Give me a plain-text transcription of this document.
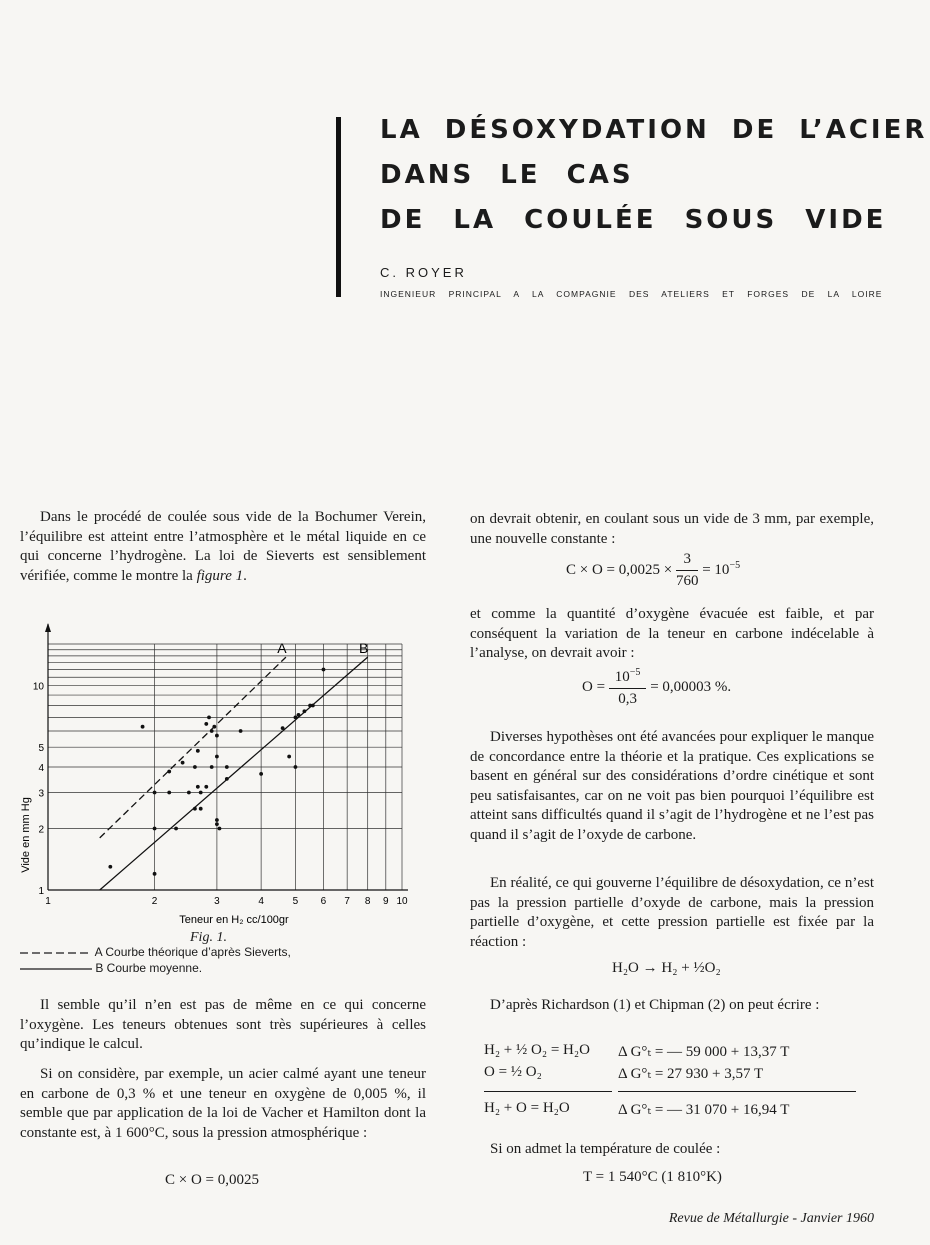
LA DÉSOXYDATION DE L’ACIER
DANS LE CAS
DE LA COULÉE SOUS VIDE
C. ROYER
INGENIEUR PRINCIPAL A LA COMPAGNIE DES ATELIERS ET FORGES DE LA LOIRE

Dans le procédé de coulée sous vide de la Bochumer Verein, l’équilibre est atteint entre l’atmosphère et le métal liquide en ce qui concerne l’hydrogène. La loi de Sieverts est sensiblement vérifiée, comme le montre la figure 1.

1	2	3	4	5 6 7 8 9 10
1
2
3
4
5
10
A	B
Teneur en H₂ cc/100gr
Vide en mm Hg
Fig. 1.
A Courbe théorique d’après Sieverts,
B Courbe moyenne.

Il semble qu’il n’en est pas de même en ce qui concerne l’oxygène. Les teneurs obtenues sont très supérieures à celles qu’indique le calcul.

Si on considère, par exemple, un acier calmé ayant une teneur en carbone de 0,3 % et une teneur en oxygène de 0,005 %, il semble que par application de la loi de Vacher et Hamilton dont la constante est, à 1 600°C, sous la pression atmosphérique :

C × O = 0,0025

on devrait obtenir, en coulant sous un vide de 3 mm, par exemple, une nouvelle constante :

$C \times O = 0,0025 \times \frac{3}{760} = 10^{-5}$

et comme la quantité d’oxygène évacuée est faible, et par conséquent la variation de la teneur en carbone indécelable à l’analyse, on devrait avoir :

$O = \frac{10^{-5}}{0,3} = 0,00003$ %.

Diverses hypothèses ont été avancées pour expliquer le manque de concordance entre la théorie et la pratique. Ces explications se basent en général sur des considérations d’ordre cinétique et sont peu satisfaisantes, car on ne voit pas bien pourquoi l’équilibre est atteint sans difficultés quand il s’agit de l’hydrogène et ne l’est pas quand il s’agit de l’oxyde de carbone.

En réalité, ce qui gouverne l’équilibre de désoxydation, ce n’est pas la pression partielle d’oxyde de carbone, mais la pression partielle d’oxygène, et cette pression partielle est fixée par la réaction :

H₂O → H₂ + ½O₂

D’après Richardson (1) et Chipman (2) on peut écrire :

H₂ + ½ O₂ = H₂O Δ G°ₜ = — 59 000 + 13,37 T
O = ½ O₂	Δ G°ₜ = 27 930 + 3,57 T
H₂ + O = H₂O	Δ G°ₜ = — 31 070 + 16,94 T

Si on admet la température de coulée :

T = 1 540°C (1 810°K)
Revue de Métallurgie - Janvier 1960
